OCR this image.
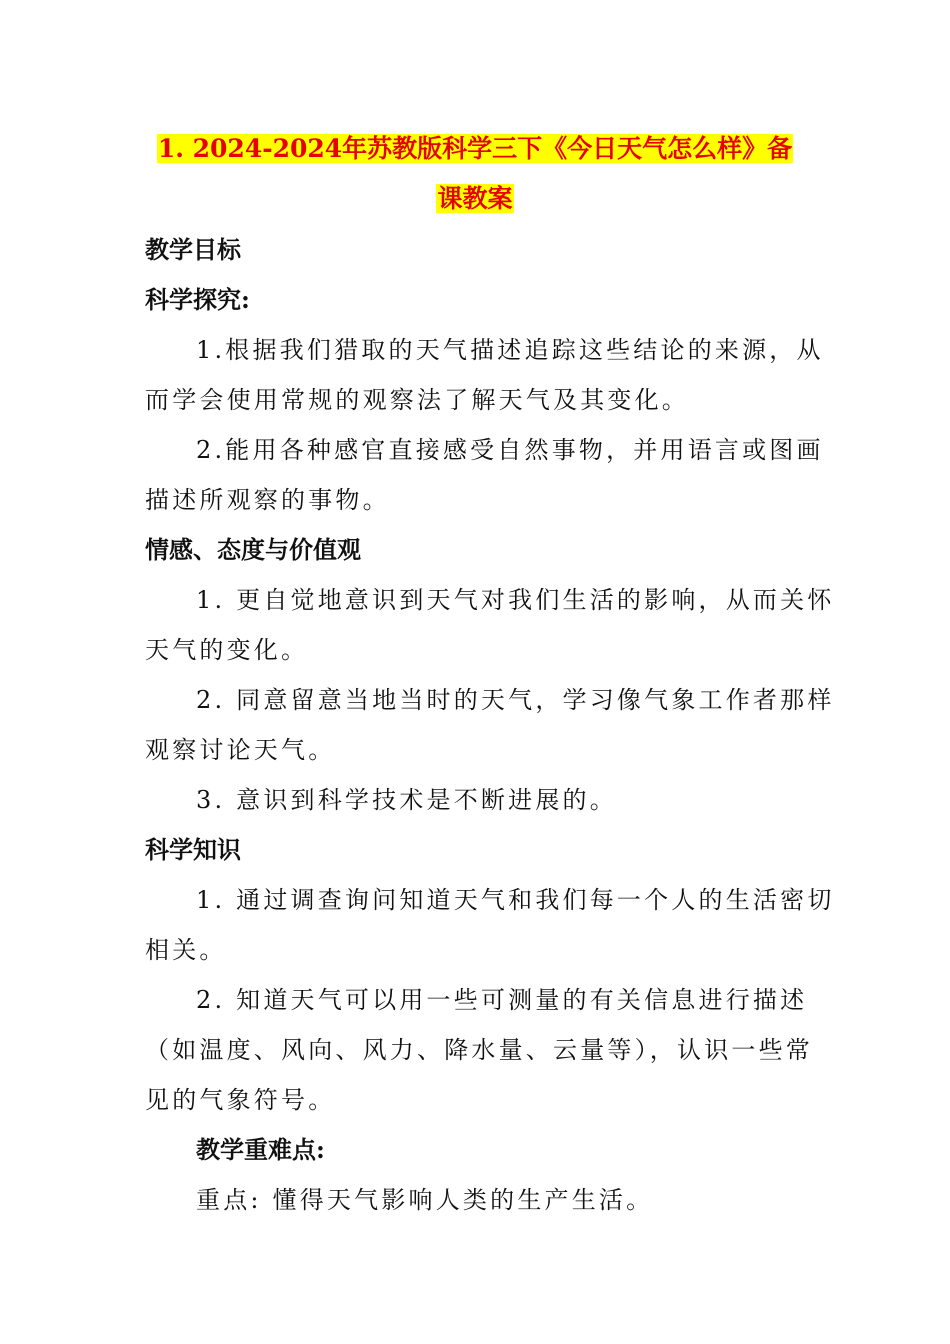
1. 2024-2024年苏教版科学三下《今日天气怎么样》备
课教案
教学目标
科学探究:
1.根据我们猎取的天气描述追踪这些结论的来源，从
而学会使用常规的观察法了解天气及其变化。
2.能用各种感官直接感受自然事物，并用语言或图画
描述所观察的事物。
情感、态度与价值观
1. 更自觉地意识到天气对我们生活的影响，从而关怀
天气的变化。
2. 同意留意当地当时的天气，学习像气象工作者那样
观察讨论天气。
3. 意识到科学技术是不断进展的。
科学知识
1. 通过调查询问知道天气和我们每一个人的生活密切
相关。
2. 知道天气可以用一些可测量的有关信息进行描述
（如温度、风向、风力、降水量、云量等），认识一些常
见的气象符号。
教学重难点:
重点: 懂得天气影响人类的生产生活。
